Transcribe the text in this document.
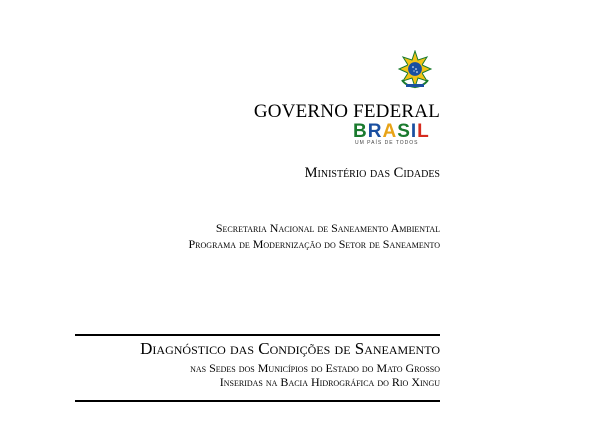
GOVERNO FEDERAL
BRASIL
UM PAÍS DE TODOS
Ministério das Cidades
Secretaria Nacional de Saneamento Ambiental
Programa de Modernização do Setor de Saneamento
Diagnóstico das Condições de Saneamento
nas Sedes dos Municípios do Estado do Mato Grosso
Inseridas na Bacia Hidrográfica do Rio Xingu
